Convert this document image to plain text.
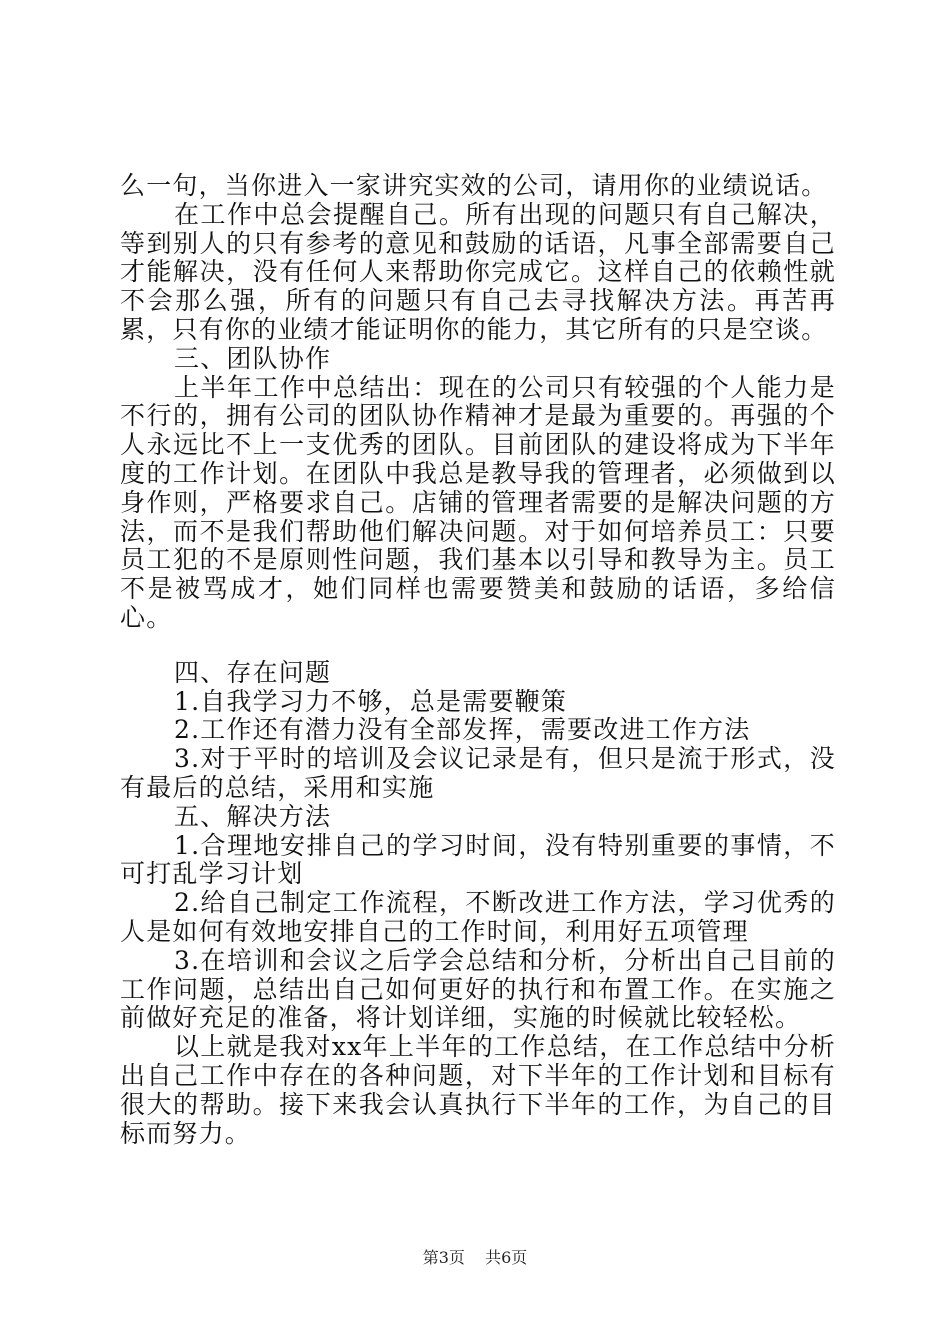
么一句，当你进入一家讲究实效的公司，请用你的业绩说话。

在工作中总会提醒自己。所有出现的问题只有自己解决，等到别人的只有参考的意见和鼓励的话语，凡事全部需要自己才能解决，没有任何人来帮助你完成它。这样自己的依赖性就不会那么强，所有的问题只有自己去寻找解决方法。再苦再累，只有你的业绩才能证明你的能力，其它所有的只是空谈。

三、团队协作

上半年工作中总结出：现在的公司只有较强的个人能力是不行的，拥有公司的团队协作精神才是最为重要的。再强的个人永远比不上一支优秀的团队。目前团队的建设将成为下半年度的工作计划。在团队中我总是教导我的管理者，必须做到以身作则，严格要求自己。店铺的管理者需要的是解决问题的方法，而不是我们帮助他们解决问题。对于如何培养员工：只要员工犯的不是原则性问题，我们基本以引导和教导为主。员工不是被骂成才，她们同样也需要赞美和鼓励的话语，多给信心。

四、存在问题

1.自我学习力不够，总是需要鞭策

2.工作还有潜力没有全部发挥，需要改进工作方法

3.对于平时的培训及会议记录是有，但只是流于形式，没有最后的总结，采用和实施

五、解决方法

1.合理地安排自己的学习时间，没有特别重要的事情，不可打乱学习计划

2.给自己制定工作流程，不断改进工作方法，学习优秀的人是如何有效地安排自己的工作时间，利用好五项管理

3.在培训和会议之后学会总结和分析，分析出自己目前的工作问题，总结出自己如何更好的执行和布置工作。在实施之前做好充足的准备，将计划详细，实施的时候就比较轻松。

以上就是我对xx年上半年的工作总结，在工作总结中分析出自己工作中存在的各种问题，对下半年的工作计划和目标有很大的帮助。接下来我会认真执行下半年的工作，为自己的目标而努力。

第3页 共6页
